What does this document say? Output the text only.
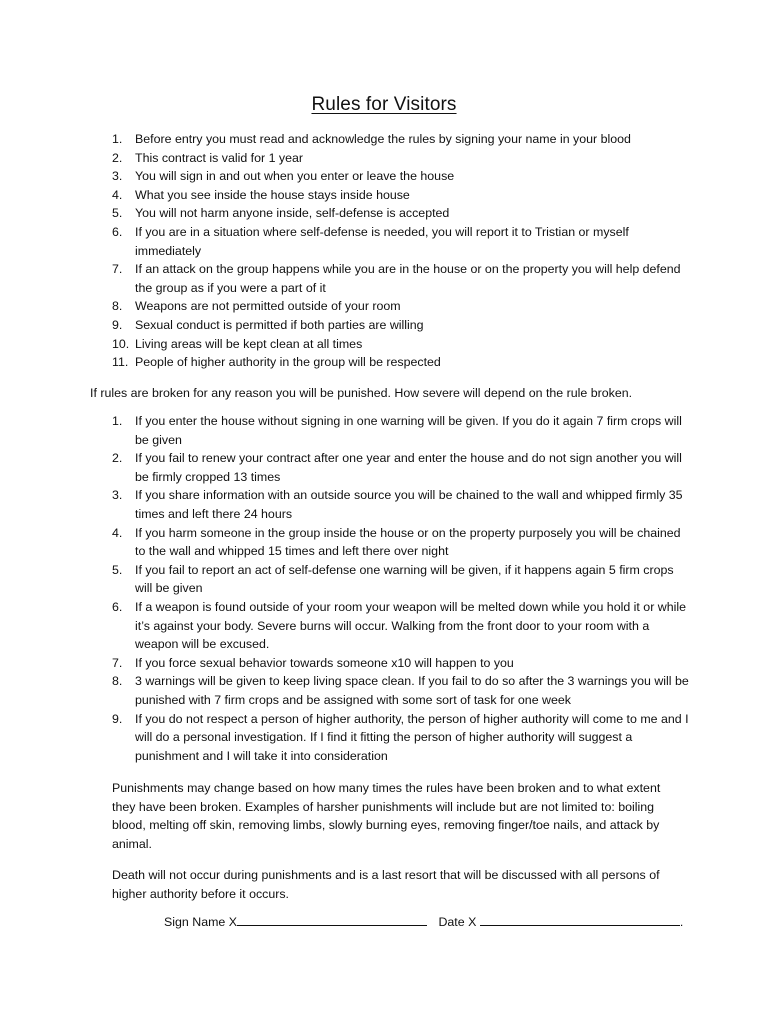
Rules for Visitors
1. Before entry you must read and acknowledge the rules by signing your name in your blood
2. This contract is valid for 1 year
3. You will sign in and out when you enter or leave the house
4. What you see inside the house stays inside house
5. You will not harm anyone inside, self-defense is accepted
6. If you are in a situation where self-defense is needed, you will report it to Tristian or myself immediately
7. If an attack on the group happens while you are in the house or on the property you will help defend the group as if you were a part of it
8. Weapons are not permitted outside of your room
9. Sexual conduct is permitted if both parties are willing
10. Living areas will be kept clean at all times
11. People of higher authority in the group will be respected
If rules are broken for any reason you will be punished. How severe will depend on the rule broken.
1. If you enter the house without signing in one warning will be given. If you do it again 7 firm crops will be given
2. If you fail to renew your contract after one year and enter the house and do not sign another you will be firmly cropped 13 times
3. If you share information with an outside source you will be chained to the wall and whipped firmly 35 times and left there 24 hours
4. If you harm someone in the group inside the house or on the property purposely you will be chained to the wall and whipped 15 times and left there over night
5. If you fail to report an act of self-defense one warning will be given, if it happens again 5 firm crops will be given
6. If a weapon is found outside of your room your weapon will be melted down while you hold it or while it’s against your body. Severe burns will occur. Walking from the front door to your room with a weapon will be excused.
7. If you force sexual behavior towards someone x10 will happen to you
8. 3 warnings will be given to keep living space clean. If you fail to do so after the 3 warnings you will be punished with 7 firm crops and be assigned with some sort of task for one week
9. If you do not respect a person of higher authority, the person of higher authority will come to me and I will do a personal investigation. If I find it fitting the person of higher authority will suggest a punishment and I will take it into consideration
Punishments may change based on how many times the rules have been broken and to what extent they have been broken. Examples of harsher punishments will include but are not limited to: boiling blood, melting off skin, removing limbs, slowly burning eyes, removing finger/toe nails, and attack by animal.
Death will not occur during punishments and is a last resort that will be discussed with all persons of higher authority before it occurs.
Sign Name X	Date X	.
